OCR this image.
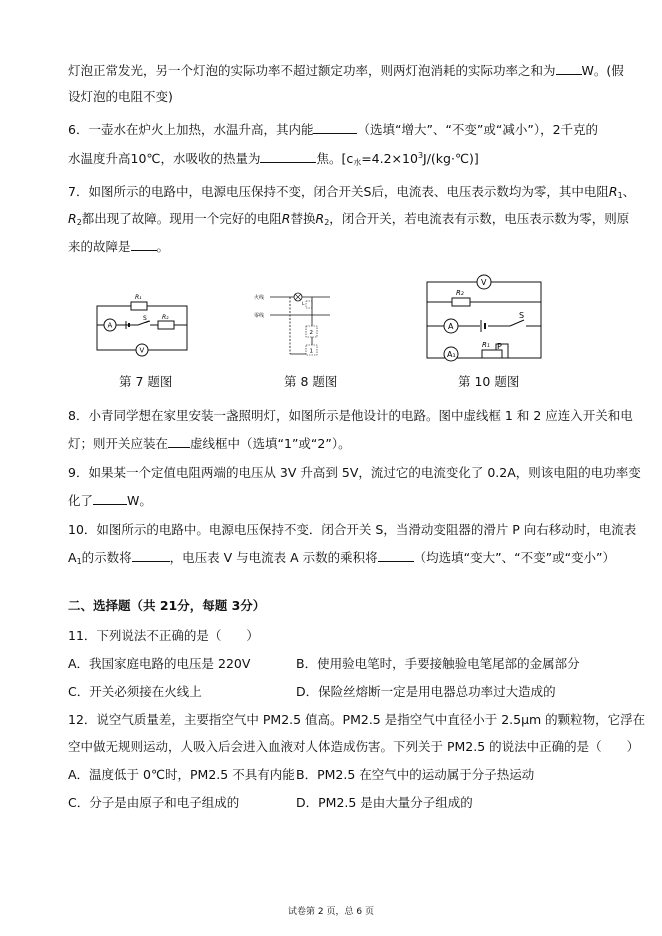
灯泡正常发光，另一个灯泡的实际功率不超过额定功率，则两灯泡消耗的实际功率之和为 W。(假
设灯泡的电阻不变)
6．一壶水在炉火上加热，水温升高，其内能	（选填“增大”、“不变”或“减小”），2千克的
水温度升高10℃，水吸收的热量为	焦。$[c_水=4.2\times 10^3J/(kg\cdot℃)]$
7．如图所示的电路中，电源电压保持不变，闭合开关S后，电流表、电压表示数均为零，其中电阻$R_1$、
$R_2$都出现了故障。现用一个完好的电阻R替换$R_2$，闭合开关，若电流表有示数，电压表示数为零，则原
来的故障是 。
R₁
A
S	R₂
V
第 7 题图
火线
零线
L
2
1
第 8 题图
V
R₂
A
S
A₁
R₁ P
第 10 题图
8．小青同学想在家里安装一盏照明灯，如图所示是他设计的电路。图中虚线框 1 和 2 应连入开关和电
灯；则开关应装在 虚线框中（选填“1”或“2”）。
9．如果某一个定值电阻两端的电压从 3V 升高到 5V，流过它的电流变化了 0.2A，则该电阻的电功率变
化了	W。
10．如图所示的电路中。电源电压保持不变．闭合开关 S，当滑动变阻器的滑片 P 向右移动时，电流表
$A_1$的示数将	，电压表 V 与电流表 A 示数的乘积将	（均选填“变大”、“不变”或“变小”）
二、选择题（共 21分，每题 3分）
11．下列说法不正确的是（　　）
A．我国家庭电路的电压是 220V	B．使用验电笔时，手要接触验电笔尾部的金属部分
C．开关必须接在火线上	D．保险丝熔断一定是用电器总功率过大造成的
12．说空气质量差，主要指空气中 PM2.5 值高。PM2.5 是指空气中直径小于 2.5μm 的颗粒物，它浮在
空中做无规则运动，人吸入后会进入血液对人体造成伤害。下列关于 PM2.5 的说法中正确的是（　　）
A．温度低于 0℃时，PM2.5 不具有内能 B．PM2.5 在空气中的运动属于分子热运动
C．分子是由原子和电子组成的	D．PM2.5 是由大量分子组成的
试卷第 2 页，总 6 页
